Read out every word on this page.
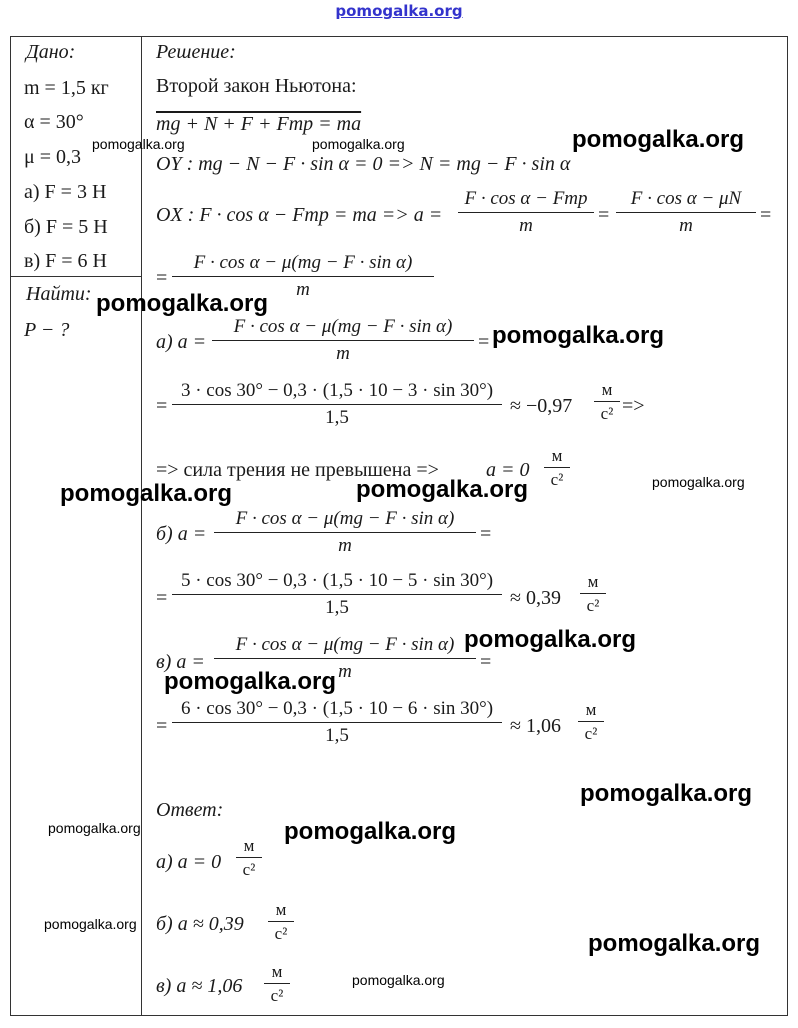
pomogalka.org
Дано:
m = 1,5 кг
α = 30°
μ = 0,3
а) F = 3 Н
б) F = 5 Н
в) F = 6 Н
Найти:
P − ?
Решение:
Второй закон Ньютона:
mg + N + F + Fтр = ma
OY : mg − N − F · sin α = 0 => N = mg − F · sin α
OX : F · cos α − Fтр = ma => a =
F · cos α − Fтр
m	=
F · cos α − μN
m	=
=
F · cos α − μ(mg − F · sin α)
m
а) a =
F · cos α − μ(mg − F · sin α)
m
=
=
3 · cos 30° − 0,3 · (1,5 · 10 − 3 · sin 30°)
1,5
≈ −0,97
м
с² =>
=> сила трения не превышена => a = 0
м
с²
б) a =
F · cos α − μ(mg − F · sin α)
m
=
=
5 · cos 30° − 0,3 · (1,5 · 10 − 5 · sin 30°)
1,5	≈ 0,39
м
с²
в) a =
F · cos α − μ(mg − F · sin α)
m	=
=
6 · cos 30° − 0,3 · (1,5 · 10 − 6 · sin 30°)
1,5	≈ 1,06
м
с²
Ответ:
а) a = 0
м
с²
б) a ≈ 0,39
м
с²
в) a ≈ 1,06
м
с²
pomogalka.org	pomogalka.org	pomogalka.org
pomogalka.org
pomogalka.org
pomogalka.org	pomogalka.org	pomogalka.org
pomogalka.org
pomogalka.org
pomogalka.org
pomogalka.org	pomogalka.org
pomogalka.org
pomogalka.org
pomogalka.org
